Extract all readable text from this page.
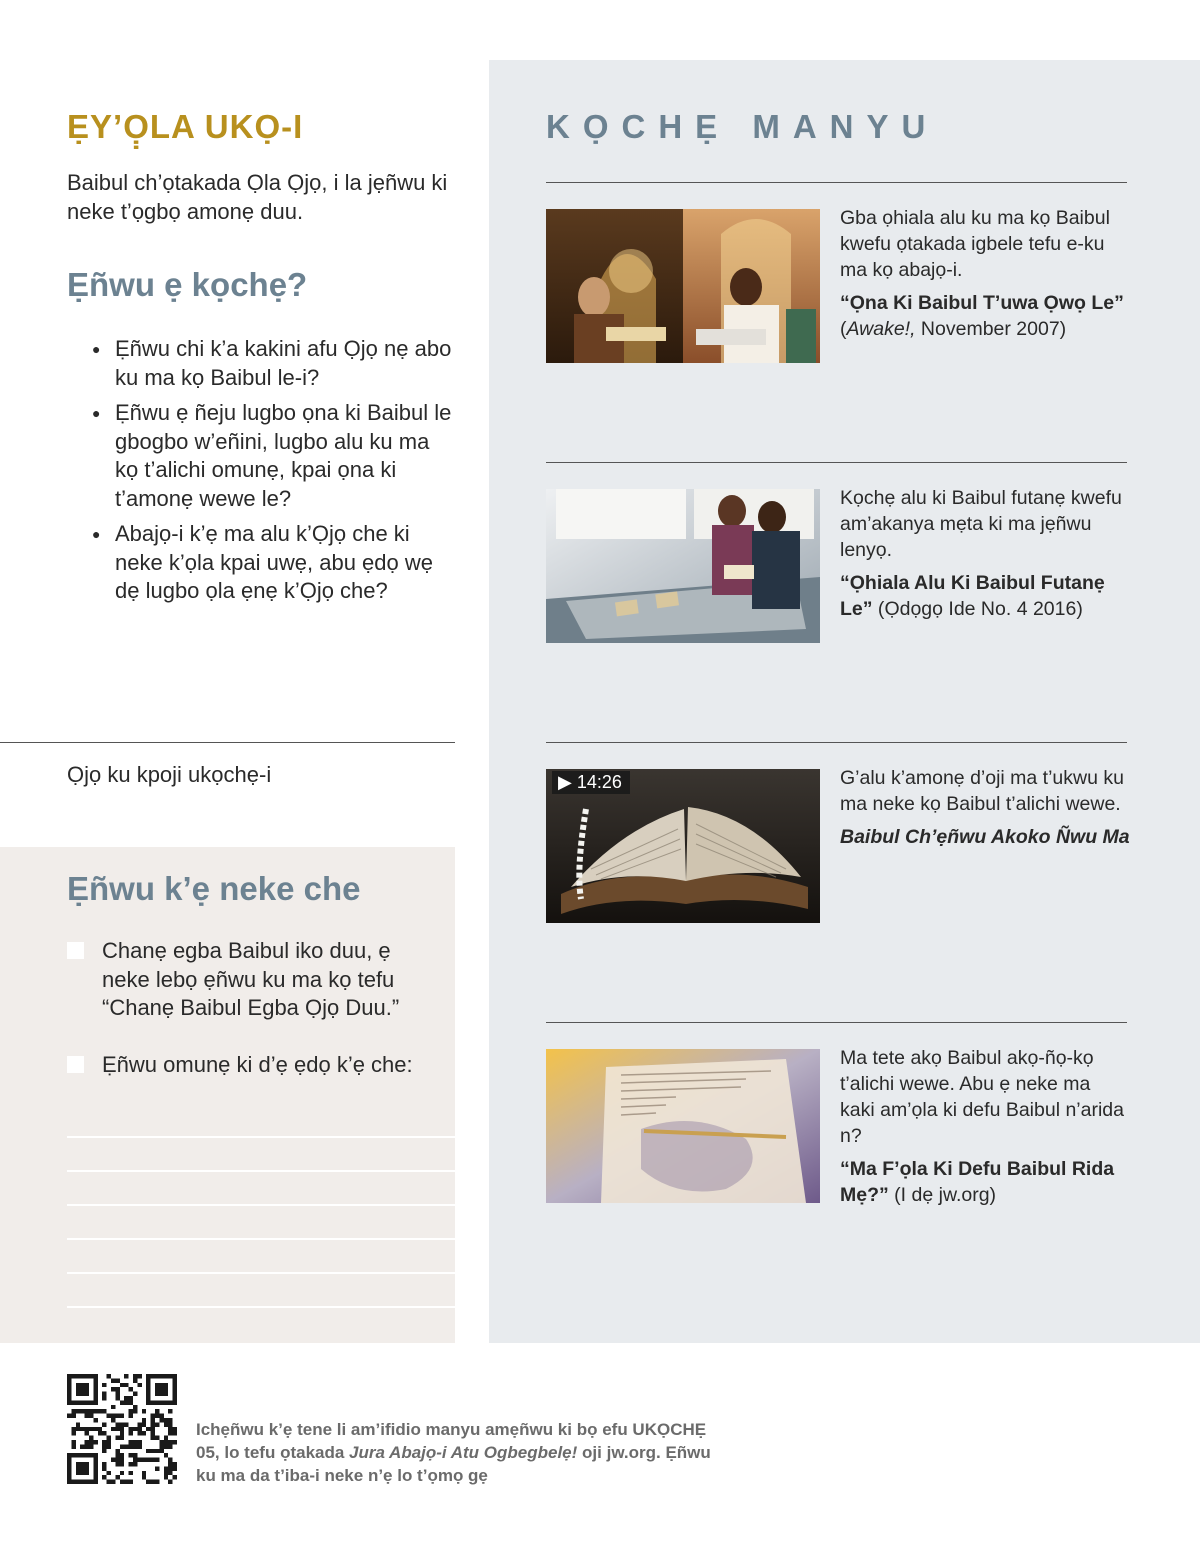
ẸY’Ọ̣LA UKỌ-I

Baibul ch’ọtakada Ọla Ọjọ, i la jẹñwu ki neke t’ọgbọ amonẹ duu.

Ẹñwu ẹ kọchẹ?
● Ẹñwu chi k’a kakini afu Ọjọ nẹ abo ku ma kọ Baibul le-i?
● Ẹñwu ẹ ñeju lugbo ọna ki Baibul le gbogbo w’eñini, lugbo alu ku ma kọ t’alichi omunẹ, kpai ọna ki t’amonẹ wewe le?
● Abajọ-i k’ẹ ma alu k’Ọjọ che ki neke k’ọla kpai uwẹ, abu ẹdọ wẹ dẹ lugbo ọla ẹnẹ k’Ọjọ che?

Ọjọ ku kpoji ukọchẹ-i

Ẹñwu k’ẹ neke che
Chanẹ egba Baibul iko duu, ẹ neke lebọ ẹñwu ku ma kọ tefu “Chanẹ Baibul Egba Ọjọ Duu.”
Ẹñwu omunẹ ki d’ẹ ẹdọ k’ẹ che:
KỌCHẸ MANYU

Gba ọhiala alu ku ma kọ Baibul kwefu ọtakada igbele tefu e-ku ma kọ abajọ-i.

“Ọna Ki Baibul T’uwa Ọwọ Le” (Awake!, November 2007)

Kọchẹ alu ki Baibul futanẹ kwefu am’akanya mẹta ki ma jẹñwu lenyọ.

“Ọhiala Alu Ki Baibul Futanẹ Le” (Ọdọgọ Ide No. 4 2016)

▶ 14:26	G’alu k’amonẹ d’oji ma t’ukwu ku ma neke kọ Baibul t’alichi wewe.

Baibul Ch’ẹñwu Akoko Ñwu Ma

Ma tete akọ Baibul akọ-ñọ-kọ t’alichi wewe. Abu ẹ neke ma kaki am’ọla ki defu Baibul n’arida n?

“Ma F’ọla Ki Defu Baibul Rida Mẹ?” (I dẹ jw.org)

Ichẹñwu k’ẹ tene li am’ifidio manyu amẹñwu ki bọ efu UKỌCHẸ 05, lo tefu ọtakada Jura Abajọ-i Atu Ogbegbelẹ! oji jw.org. Ẹñwu ku ma da t’iba-i neke n’ẹ lo t’ọmọ gẹ
